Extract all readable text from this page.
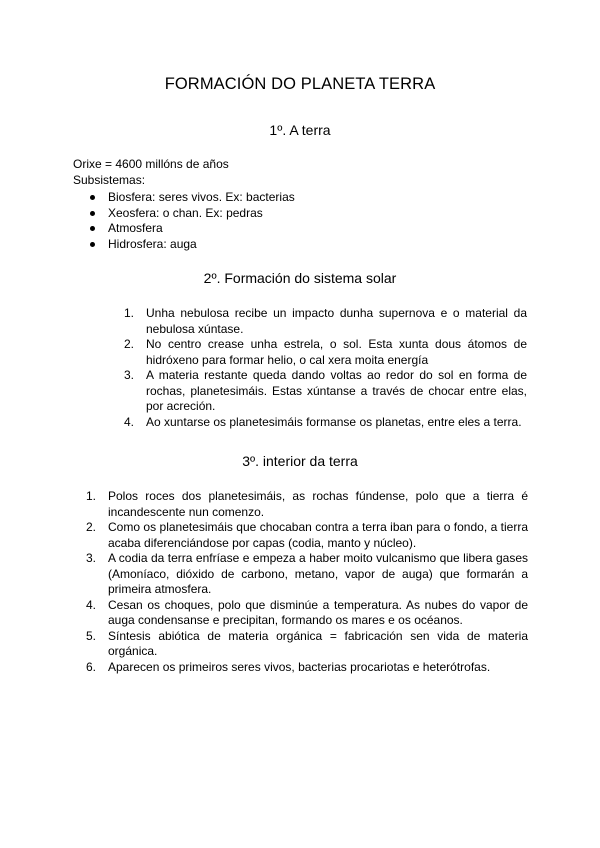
FORMACIÓN DO PLANETA TERRA
1º. A terra
Orixe = 4600 millóns de años
Subsistemas:
Biosfera: seres vivos. Ex: bacterias
Xeosfera: o chan. Ex: pedras
Atmosfera
Hidrosfera: auga
2º. Formación do sistema solar
1. Unha nebulosa recibe un impacto dunha supernova e o material da nebulosa xúntase.
2. No centro crease unha estrela, o sol. Esta xunta dous átomos de hidróxeno para formar helio, o cal xera moita energía
3. A materia restante queda dando voltas ao redor do sol en forma de rochas, planetesimáis. Estas xúntanse a través de chocar entre elas, por acreción.
4. Ao xuntarse os planetesimáis formanse os planetas, entre eles a terra.
3º. interior da terra
1. Polos roces dos planetesimáis, as rochas fúndense, polo que a tierra é incandescente nun comenzo.
2. Como os planetesimáis que chocaban contra a terra iban para o fondo, a tierra acaba diferenciándose por capas (codia, manto y núcleo).
3. A codia da terra enfríase e empeza a haber moito vulcanismo que libera gases (Amoníaco, dióxido de carbono, metano, vapor de auga) que formarán a primeira atmosfera.
4. Cesan os choques, polo que disminúe a temperatura. As nubes do vapor de auga condensanse e precipitan, formando os mares e os océanos.
5. Síntesis abiótica de materia orgánica = fabricación sen vida de materia orgánica.
6. Aparecen os primeiros seres vivos, bacterias procariotas e heterótrofas.
